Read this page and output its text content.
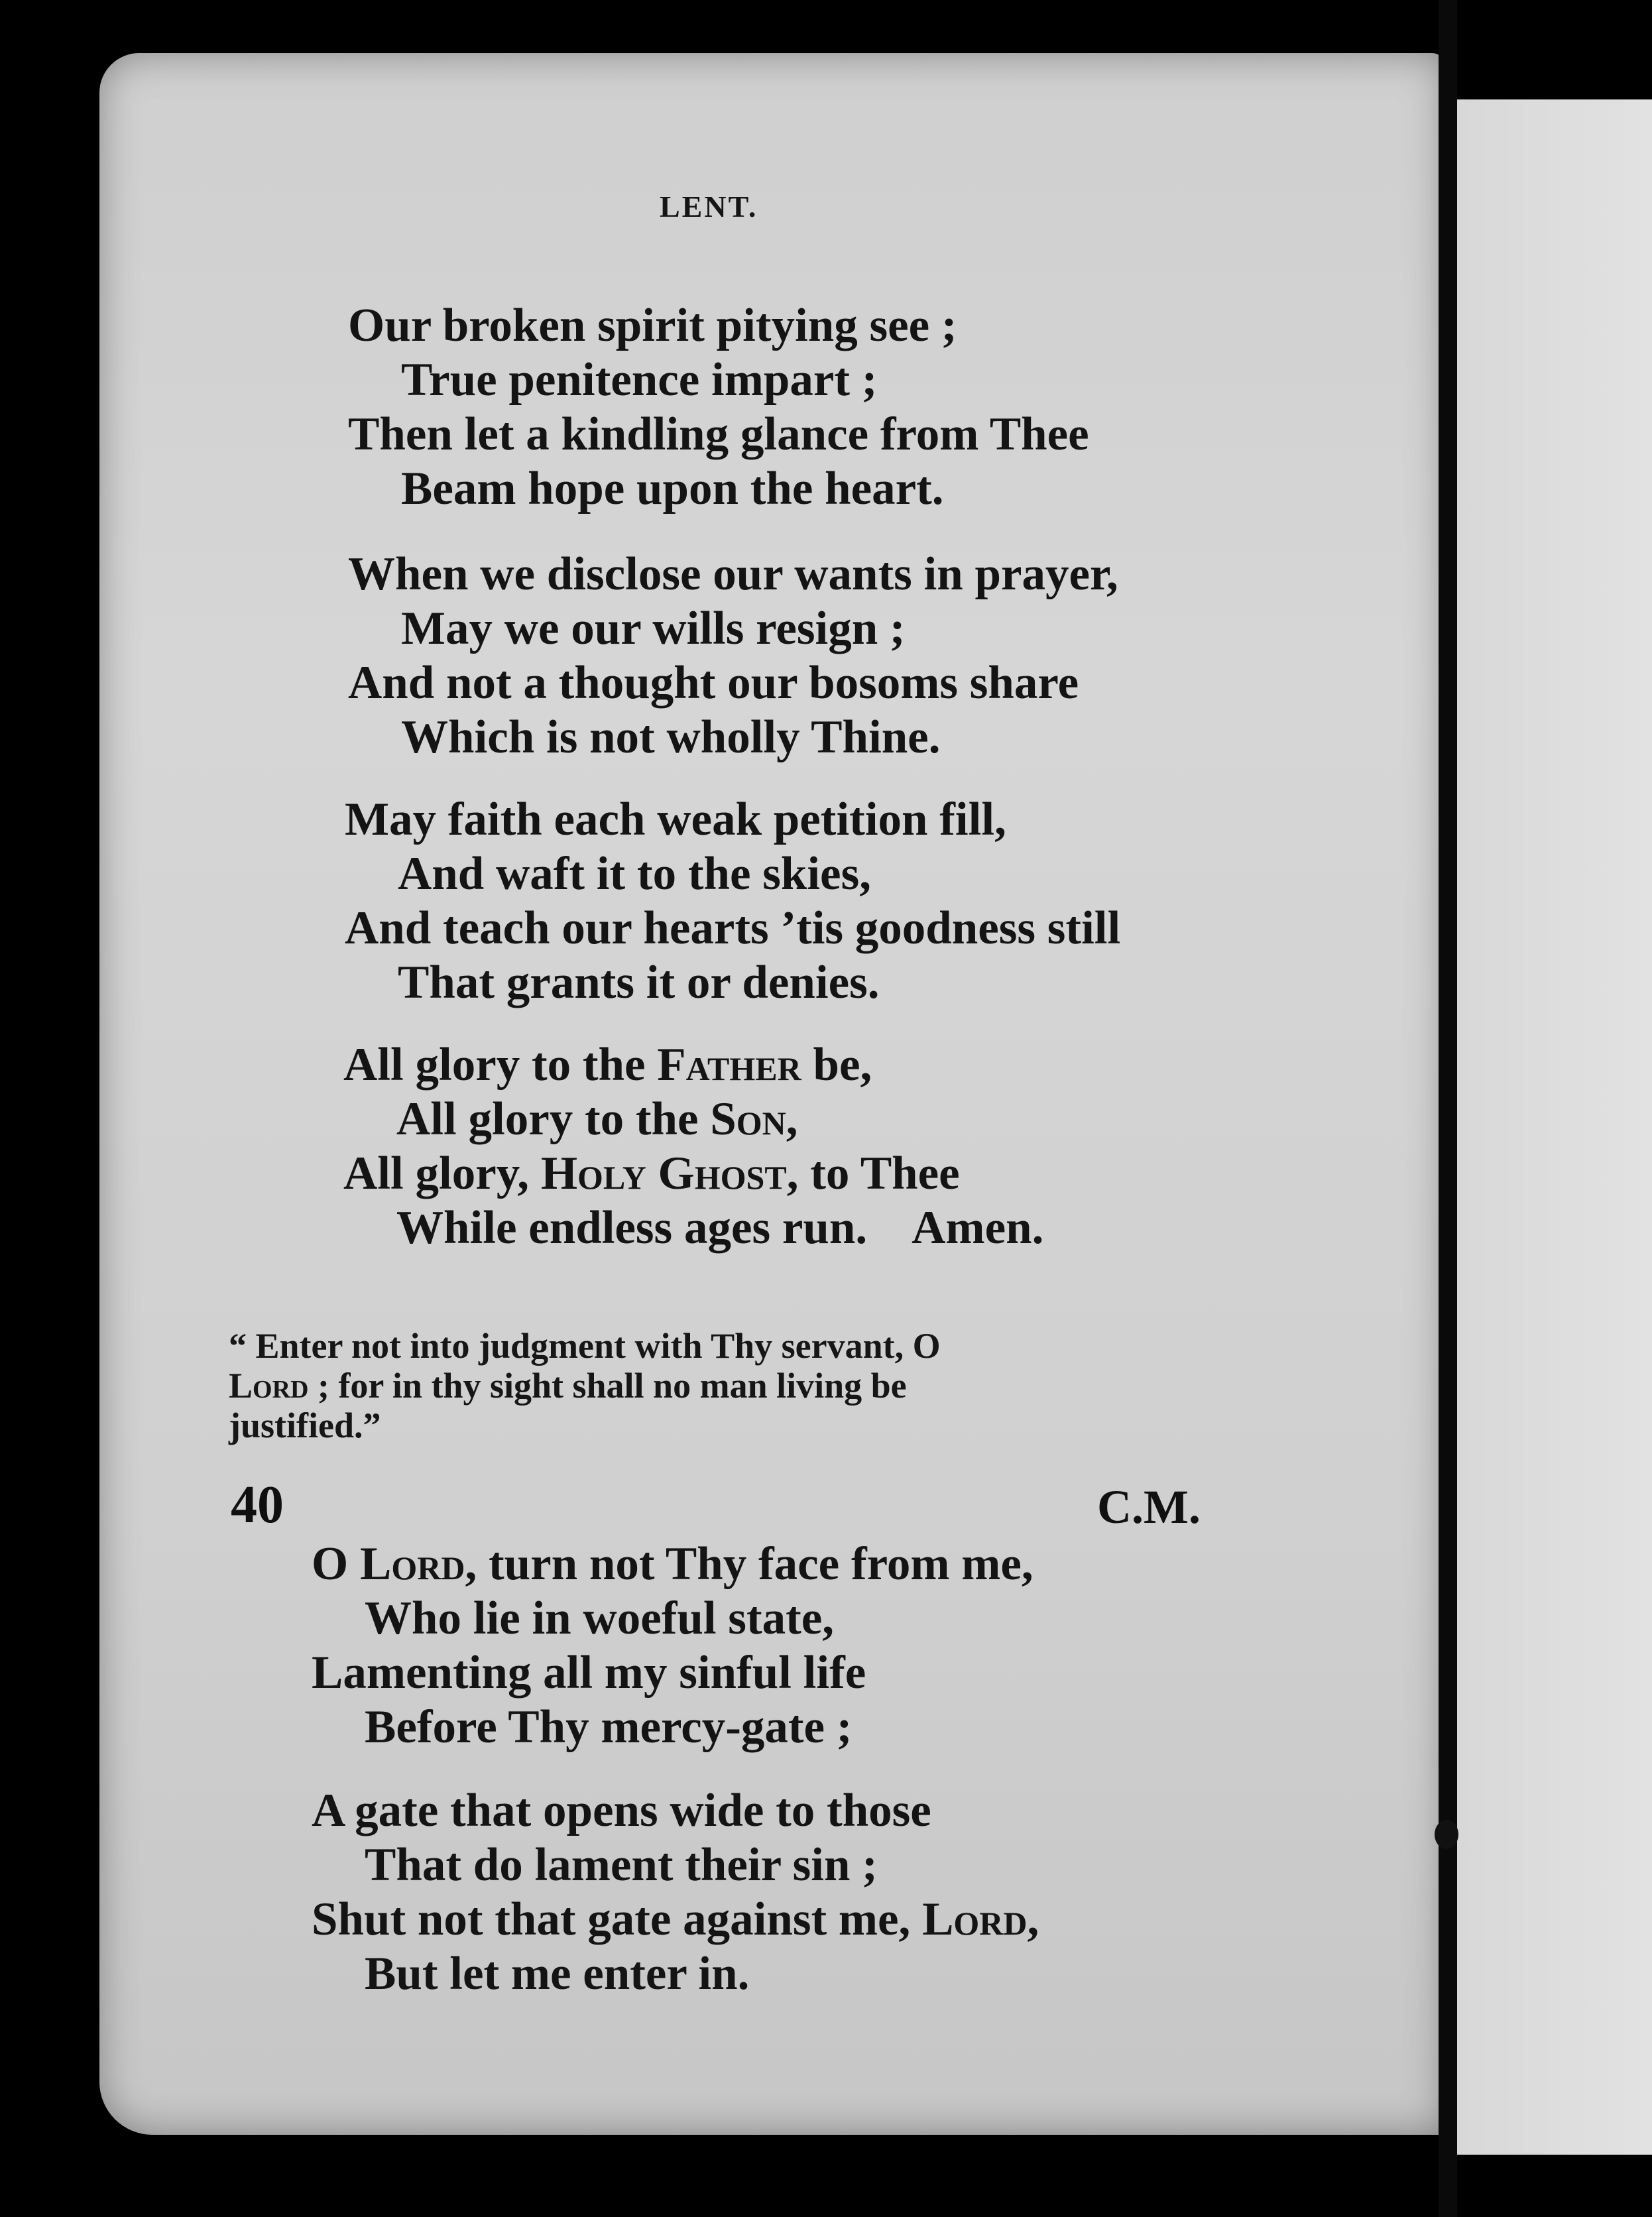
LENT.
Our broken spirit pitying see ;
True penitence impart ;
Then let a kindling glance from Thee
Beam hope upon the heart.
When we disclose our wants in prayer,
May we our wills resign ;
And not a thought our bosoms share
Which is not wholly Thine.
May faith each weak petition fill,
And waft it to the skies,
And teach our hearts ’tis goodness still
That grants it or denies.
All glory to the Father be,
All glory to the Son,
All glory, Holy Ghost, to Thee
While endless ages run.    Amen.
“ Enter not into judgment with Thy servant, O
Lord ; for in thy sight shall no man living be
justified.”
40	C.M.
O Lord, turn not Thy face from me,
Who lie in woeful state,
Lamenting all my sinful life
Before Thy mercy-gate ;
A gate that opens wide to those
That do lament their sin ;
Shut not that gate against me, Lord,
But let me enter in.
